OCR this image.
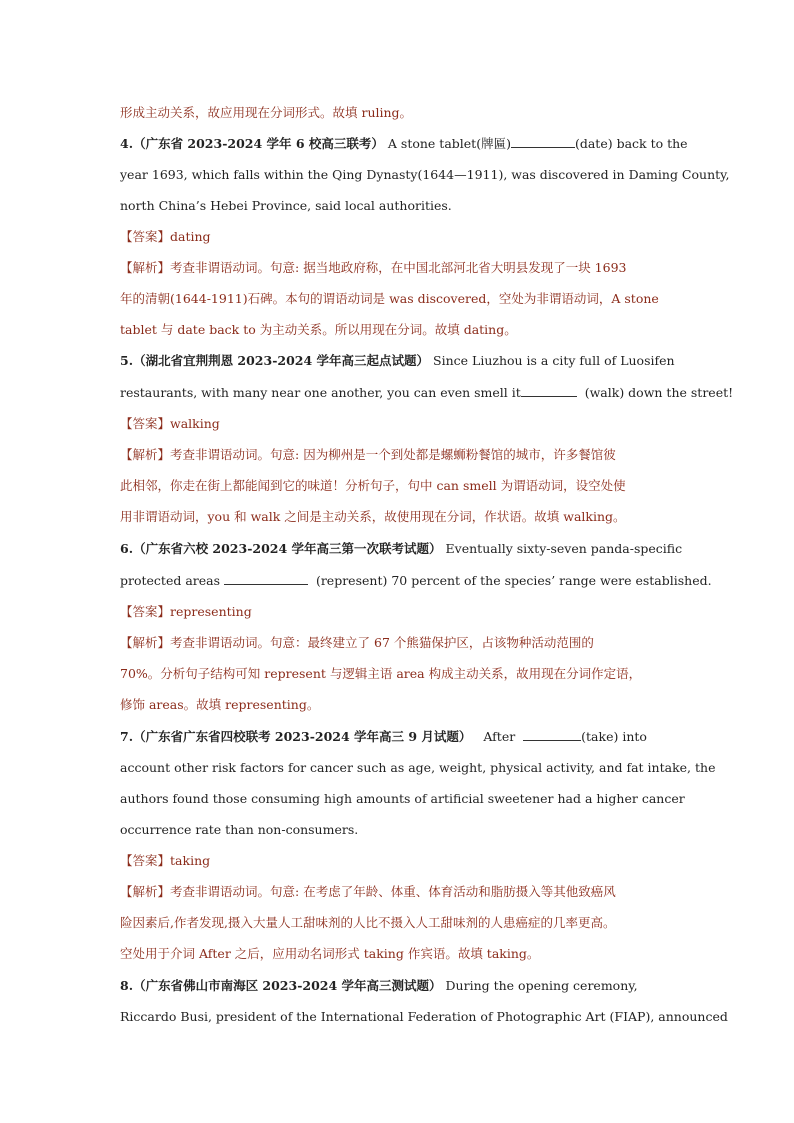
形成主动关系，故应用现在分词形式。故填 ruling。
4.（广东省 2023-2024 学年 6 校高三联考） A stone tablet(牌匾)	(date) back to the
year 1693, which falls within the Qing Dynasty(1644—1911), was discovered in Daming County,
north China’s Hebei Province, said local authorities.
【答案】dating
【解析】考查非谓语动词。句意: 据当地政府称，在中国北部河北省大明县发现了一块 1693
年的清朝(1644-1911)石碑。本句的谓语动词是 was discovered，空处为非谓语动词，A stone
tablet 与 date back to 为主动关系。所以用现在分词。故填 dating。
5.（湖北省宜荆荆恩 2023-2024 学年高三起点试题） Since Liuzhou is a city full of Luosifen
restaurants, with many near one another, you can even smell it	(walk) down the street!
【答案】walking
【解析】考查非谓语动词。句意: 因为柳州是一个到处都是螺蛳粉餐馆的城市，许多餐馆彼
此相邻，你走在街上都能闻到它的味道！分析句子，句中 can smell 为谓语动词，设空处使
用非谓语动词，you 和 walk 之间是主动关系，故使用现在分词，作状语。故填 walking。
6.（广东省六校 2023-2024 学年高三第一次联考试题） Eventually sixty-seven panda-specific
protected areas	(represent) 70 percent of the species’ range were established.
【答案】representing
【解析】考查非谓语动词。句意：最终建立了 67 个熊猫保护区，占该物种活动范围的
70%。分析句子结构可知 represent 与逻辑主语 area 构成主动关系，故用现在分词作定语，
修饰 areas。故填 representing。
7.（广东省广东省四校联考 2023-2024 学年高三 9 月试题） After	(take) into
account other risk factors for cancer such as age, weight, physical activity, and fat intake, the
authors found those consuming high amounts of artificial sweetener had a higher cancer
occurrence rate than non-consumers.
【答案】taking
【解析】考查非谓语动词。句意: 在考虑了年龄、体重、体育活动和脂肪摄入等其他致癌风
险因素后,作者发现,摄入大量人工甜味剂的人比不摄入人工甜味剂的人患癌症的几率更高。
空处用于介词 After 之后，应用动名词形式 taking 作宾语。故填 taking。
8.（广东省佛山市南海区 2023-2024 学年高三测试题） During the opening ceremony,
Riccardo Busi, president of the International Federation of Photographic Art (FIAP), announced
